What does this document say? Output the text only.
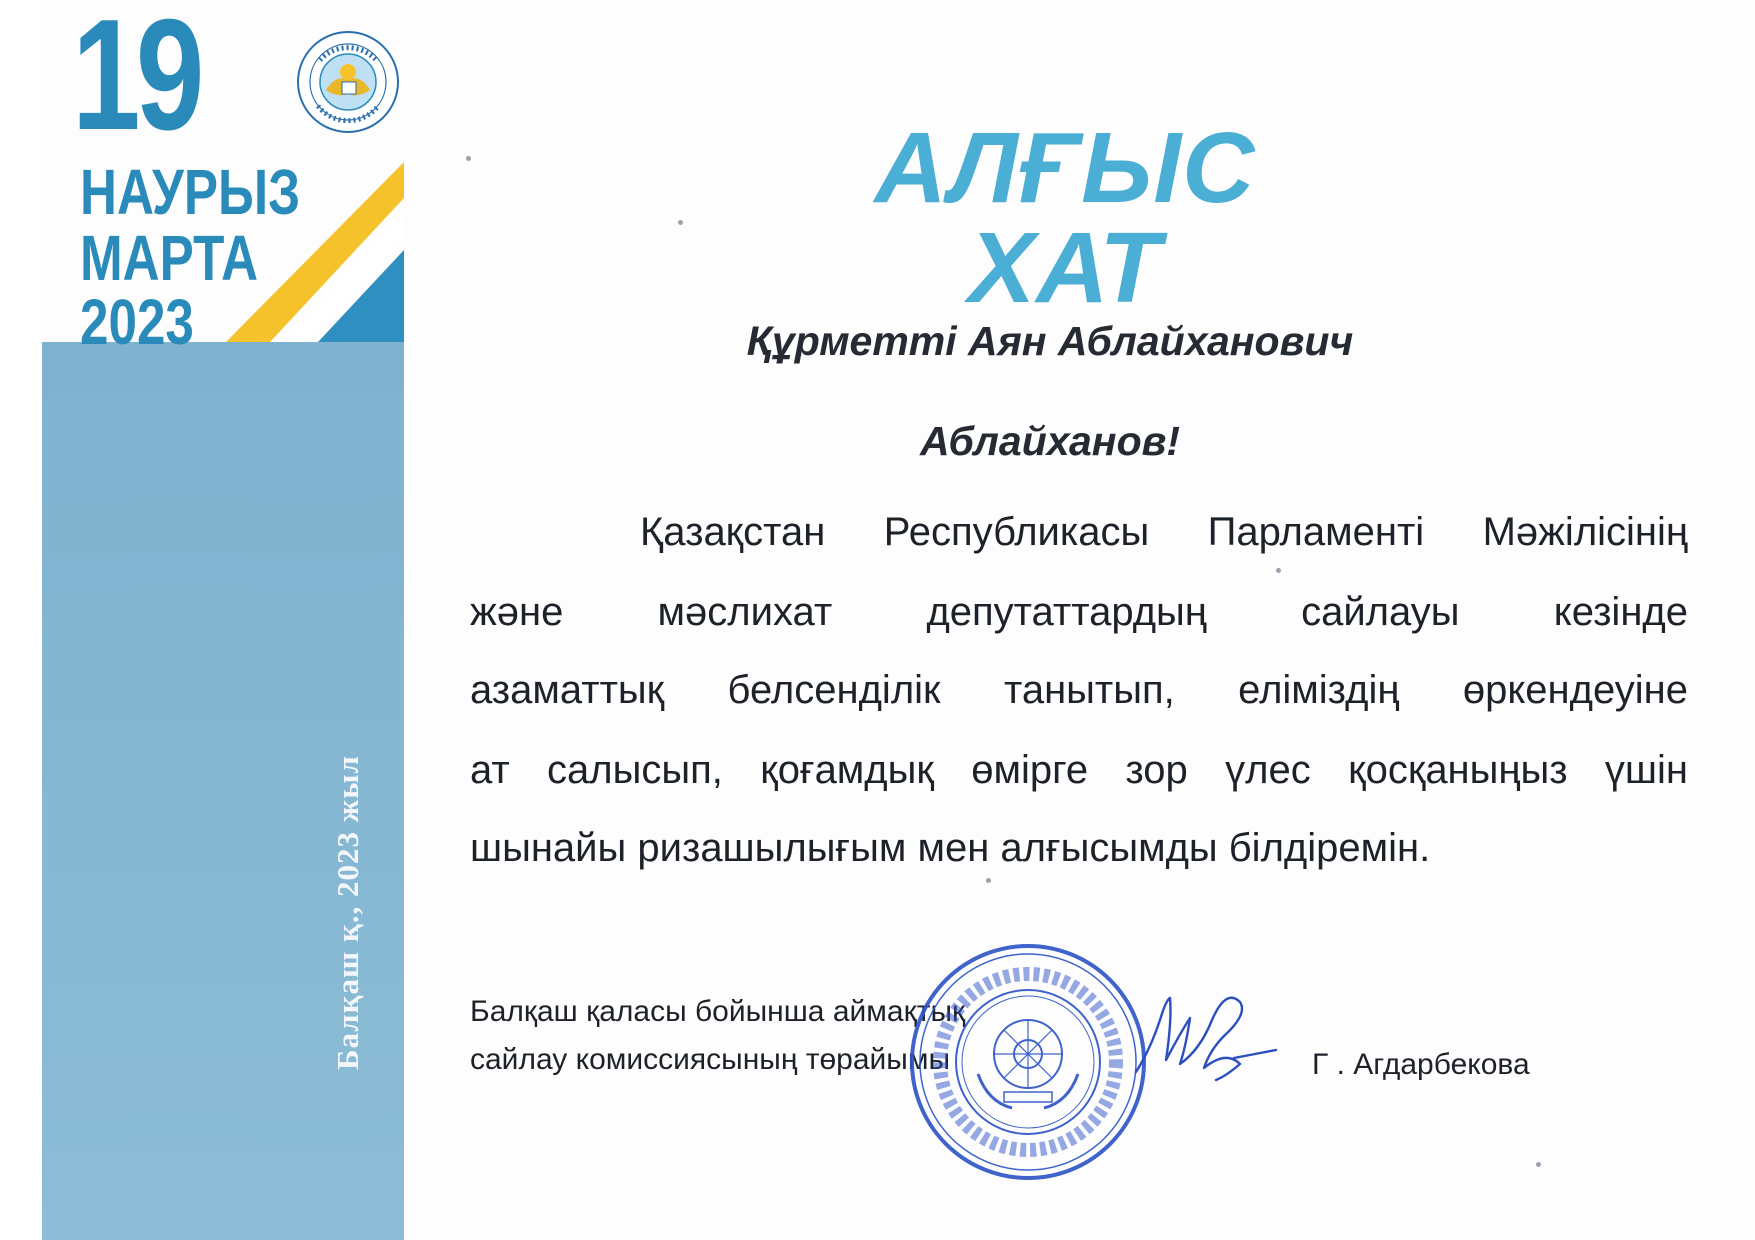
19
НАУРЫЗ
МАРТА
2023
Балқаш қ., 2023 жыл
АЛҒЫС ХАТ
Құрметті Аян Аблайханович
Аблайханов!
Қазақстан Республикасы Парламенті Мәжілісінің
және мәслихат депутаттардың сайлауы кезінде
азаматтық белсенділік танытып, еліміздің өркендеуіне
ат салысып, қоғамдық өмірге зор үлес қосқаныңыз үшін
шынайы ризашылығым мен алғысымды білдіремін.
Балқаш қаласы бойынша аймақтық
сайлау комиссиясының төрайымы	Г . Агдарбекова
